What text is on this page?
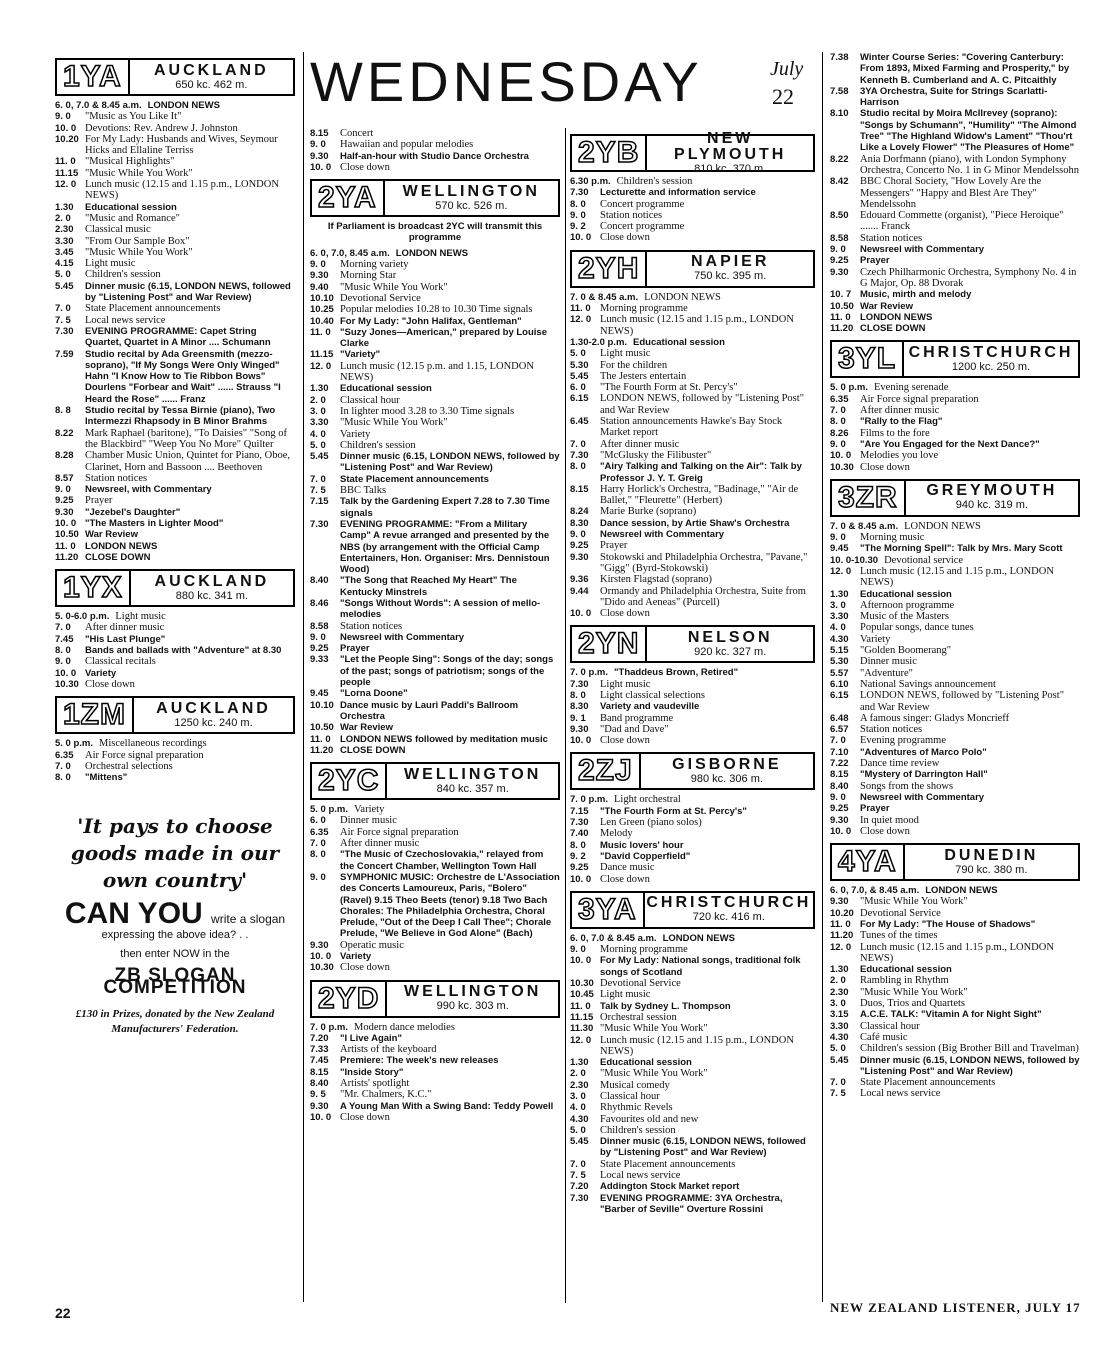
WEDNESDAY	July
22
1YA	AUCKLAND
650 kc. 462 m.
6. 0, 7.0 & 8.45 a.m. LONDON NEWS
9. 0	"Music as You Like It"
10. 0 Devotions: Rev. Andrew J. Johnston
10.20 For My Lady: Husbands and Wives, Seymour Hicks and Ellaline Terriss
11. 0 "Musical Highlights"
11.15 "Music While You Work"
12. 0 Lunch music (12.15 and 1.15 p.m., LONDON NEWS)
1.30	Educational session
2. 0	"Music and Romance"
2.30	Classical music
3.30	"From Our Sample Box"
3.45	"Music While You Work"
4.15	Light music
5. 0	Children's session
5.45	Dinner music (6.15, LONDON NEWS, followed by "Listening Post" and War Review)
7. 0	State Placement announcements
7. 5	Local news service
7.30	EVENING PROGRAMME: Capet String Quartet, Quartet in A Minor .... Schumann
7.59	Studio recital by Ada Greensmith (mezzo-soprano), "If My Songs Were Only Winged" Hahn "I Know How to Tie Ribbon Bows" Dourlens "Forbear and Wait" ...... Strauss "I Heard the Rose" ...... Franz
8. 8	Studio recital by Tessa Birnie (piano), Two Intermezzi Rhapsody in B Minor Brahms
8.22	Mark Raphael (baritone), "To Daisies" "Song of the Blackbird" "Weep You No More" Quilter
8.28	Chamber Music Union, Quintet for Piano, Oboe, Clarinet, Horn and Bassoon .... Beethoven
8.57	Station notices
9. 0	Newsreel, with Commentary
9.25	Prayer
9.30	"Jezebel's Daughter"
10. 0 "The Masters in Lighter Mood"
10.50 War Review
11. 0 LONDON NEWS
11.20 CLOSE DOWN
1YX	AUCKLAND
880 kc. 341 m.
5. 0-6.0 p.m. Light music
7. 0	After dinner music
7.45	"His Last Plunge"
8. 0	Bands and ballads with "Adventure" at 8.30
9. 0	Classical recitals
10. 0 Variety
10.30 Close down
1ZM	AUCKLAND
1250 kc. 240 m.
5. 0 p.m. Miscellaneous recordings
6.35	Air Force signal preparation
7. 0	Orchestral selections
8. 0	"Mittens"
'It pays to choose goods made in our own country'
CAN YOU write a slogan
expressing the above idea? . .
then enter NOW in the
ZB SLOGAN COMPETITION
£130 in Prizes, donated by the New Zealand Manufacturers' Federation.
8.15	Concert
9. 0	Hawaiian and popular melodies
9.30	Half-an-hour with Studio Dance Orchestra
10. 0 Close down
2YA	WELLINGTON
570 kc. 526 m.
If Parliament is broadcast 2YC will transmit this programme
6. 0, 7.0, 8.45 a.m. LONDON NEWS
9. 0	Morning variety
9.30	Morning Star
9.40	"Music While You Work"
10.10 Devotional Service
10.25 Popular melodies 10.28 to 10.30 Time signals
10.40 For My Lady: "John Halifax, Gentleman"
11. 0 "Suzy Jones—American," prepared by Louise Clarke
11.15 "Variety"
12. 0 Lunch music (12.15 p.m. and 1.15, LONDON NEWS)
1.30	Educational session
2. 0	Classical hour
3. 0	In lighter mood 3.28 to 3.30 Time signals
3.30	"Music While You Work"
4. 0	Variety
5. 0	Children's session
5.45	Dinner music (6.15, LONDON NEWS, followed by "Listening Post" and War Review)
7. 0	State Placement announcements
7. 5	BBC Talks
7.15	Talk by the Gardening Expert 7.28 to 7.30 Time signals
7.30	EVENING PROGRAMME: "From a Military Camp" A revue arranged and presented by the NBS (by arrangement with the Official Camp Entertainers, Hon. Organiser: Mrs. Dennistoun Wood)
8.40	"The Song that Reached My Heart" The Kentucky Minstrels
8.46	"Songs Without Words": A session of mello-melodies
8.58	Station notices
9. 0	Newsreel with Commentary
9.25	Prayer
9.33	"Let the People Sing": Songs of the day; songs of the past; songs of patriotism; songs of the people
9.45	"Lorna Doone"
10.10 Dance music by Lauri Paddi's Ballroom Orchestra
10.50 War Review
11. 0 LONDON NEWS followed by meditation music
11.20 CLOSE DOWN
2YC	WELLINGTON
840 kc. 357 m.
5. 0 p.m. Variety
6. 0	Dinner music
6.35	Air Force signal preparation
7. 0	After dinner music
8. 0	"The Music of Czechoslovakia," relayed from the Concert Chamber, Wellington Town Hall
9. 0	SYMPHONIC MUSIC: Orchestre de L'Association des Concerts Lamoureux, Paris, "Bolero" (Ravel) 9.15 Theo Beets (tenor) 9.18 Two Bach Chorales: The Philadelphia Orchestra, Choral Prelude, "Out of the Deep I Call Thee"; Chorale Prelude, "We Believe in God Alone" (Bach)
9.30	Operatic music
10. 0 Variety
10.30 Close down
2YD	WELLINGTON
990 kc. 303 m.
7. 0 p.m. Modern dance melodies
7.20	"I Live Again"
7.33	Artists of the keyboard
7.45	Premiere: The week's new releases
8.15	"Inside Story"
8.40	Artists' spotlight
9. 5	"Mr. Chalmers, K.C."
9.30	A Young Man With a Swing Band: Teddy Powell
10. 0 Close down
2YB	NEW PLYMOUTH
810 kc. 370 m.
6.30 p.m. Children's session
7.30	Lecturette and information service
8. 0	Concert programme
9. 0	Station notices
9. 2	Concert programme
10. 0 Close down
2YH	NAPIER
750 kc. 395 m.
7. 0 & 8.45 a.m. LONDON NEWS
11. 0 Morning programme
12. 0 Lunch music (12.15 and 1.15 p.m., LONDON NEWS)
1.30-2.0 p.m. Educational session
5. 0	Light music
5.30	For the children
5.45	The Jesters entertain
6. 0	"The Fourth Form at St. Percy's"
6.15	LONDON NEWS, followed by "Listening Post" and War Review
6.45	Station announcements Hawke's Bay Stock Market report
7. 0	After dinner music
7.30	"McGlusky the Filibuster"
8. 0	"Airy Talking and Talking on the Air": Talk by Professor J. Y. T. Greig
8.15	Harry Horlick's Orchestra, "Badinage," "Air de Ballet," "Fleurette" (Herbert)
8.24	Marie Burke (soprano)
8.30	Dance session, by Artie Shaw's Orchestra
9. 0	Newsreel with Commentary
9.25	Prayer
9.30	Stokowski and Philadelphia Orchestra, "Pavane," "Gigg" (Byrd-Stokowski)
9.36	Kirsten Flagstad (soprano)
9.44	Ormandy and Philadelphia Orchestra, Suite from "Dido and Aeneas" (Purcell)
10. 0 Close down
2YN	NELSON
920 kc. 327 m.
7. 0 p.m. "Thaddeus Brown, Retired"
7.30	Light music
8. 0	Light classical selections
8.30	Variety and vaudeville
9. 1	Band programme
9.30	"Dad and Dave"
10. 0 Close down
2ZJ	GISBORNE
980 kc. 306 m.
7. 0 p.m. Light orchestral
7.15	"The Fourth Form at St. Percy's"
7.30	Len Green (piano solos)
7.40	Melody
8. 0	Music lovers' hour
9. 2	"David Copperfield"
9.25	Dance music
10. 0 Close down
3YA CHRISTCHURCH
720 kc. 416 m.
6. 0, 7.0 & 8.45 a.m. LONDON NEWS
9. 0	Morning programme
10. 0 For My Lady: National songs, traditional folk songs of Scotland
10.30 Devotional Service
10.45 Light music
11. 0 Talk by Sydney L. Thompson
11.15 Orchestral session
11.30 "Music While You Work"
12. 0 Lunch music (12.15 and 1.15 p.m., LONDON NEWS)
1.30	Educational session
2. 0	"Music While You Work"
2.30	Musical comedy
3. 0	Classical hour
4. 0	Rhythmic Revels
4.30	Favourites old and new
5. 0	Children's session
5.45	Dinner music (6.15, LONDON NEWS, followed by "Listening Post" and War Review)
7. 0	State Placement announcements
7. 5	Local news service
7.20	Addington Stock Market report
7.30	EVENING PROGRAMME: 3YA Orchestra, "Barber of Seville" Overture Rossini
7.38	Winter Course Series: "Covering Canterbury: From 1893, Mixed Farming and Prosperity," by Kenneth B. Cumberland and A. C. Pitcaithly
7.58	3YA Orchestra, Suite for Strings Scarlatti-Harrison
8.10	Studio recital by Moira McIlrevey (soprano): "Songs by Schumann", "Humility" "The Almond Tree" "The Highland Widow's Lament" "Thou'rt Like a Lovely Flower" "The Pleasures of Home"
8.22	Ania Dorfmann (piano), with London Symphony Orchestra, Concerto No. 1 in G Minor Mendelssohn
8.42	BBC Choral Society, "How Lovely Are the Messengers" "Happy and Blest Are They" Mendelssohn
8.50	Edouard Commette (organist), "Piece Heroique" ....... Franck
8.58	Station notices
9. 0	Newsreel with Commentary
9.25	Prayer
9.30	Czech Philharmonic Orchestra, Symphony No. 4 in G Major, Op. 88 Dvorak
10. 7 Music, mirth and melody
10.50 War Review
11. 0 LONDON NEWS
11.20 CLOSE DOWN
3YL CHRISTCHURCH
1200 kc. 250 m.
5. 0 p.m. Evening serenade
6.35	Air Force signal preparation
7. 0	After dinner music
8. 0	"Rally to the Flag"
8.26	Films to the fore
9. 0	"Are You Engaged for the Next Dance?"
10. 0 Melodies you love
10.30 Close down
3ZR	GREYMOUTH
940 kc. 319 m.
7. 0 & 8.45 a.m. LONDON NEWS
9. 0	Morning music
9.45	"The Morning Spell": Talk by Mrs. Mary Scott
10. 0-10.30 Devotional service
12. 0 Lunch music (12.15 and 1.15 p.m., LONDON NEWS)
1.30	Educational session
3. 0	Afternoon programme
3.30	Music of the Masters
4. 0	Popular songs, dance tunes
4.30	Variety
5.15	"Golden Boomerang"
5.30	Dinner music
5.57	"Adventure"
6.10	National Savings announcement
6.15	LONDON NEWS, followed by "Listening Post" and War Review
6.48	A famous singer: Gladys Moncrieff
6.57	Station notices
7. 0	Evening programme
7.10	"Adventures of Marco Polo"
7.22	Dance time review
8.15	"Mystery of Darrington Hall"
8.40	Songs from the shows
9. 0	Newsreel with Commentary
9.25	Prayer
9.30	In quiet mood
10. 0 Close down
4YA	DUNEDIN
790 kc. 380 m.
6. 0, 7.0, & 8.45 a.m. LONDON NEWS
9.30	"Music While You Work"
10.20 Devotional Service
11. 0 For My Lady: "The House of Shadows"
11.20 Tunes of the times
12. 0 Lunch music (12.15 and 1.15 p.m., LONDON NEWS)
1.30	Educational session
2. 0	Rambling in Rhythm
2.30	"Music While You Work"
3. 0	Duos, Trios and Quartets
3.15	A.C.E. TALK: "Vitamin A for Night Sight"
3.30	Classical hour
4.30	Café music
5. 0	Children's session (Big Brother Bill and Travelman)
5.45	Dinner music (6.15, LONDON NEWS, followed by "Listening Post" and War Review)
7. 0	State Placement announcements
7. 5	Local news service
22	NEW ZEALAND LISTENER, JULY 17
